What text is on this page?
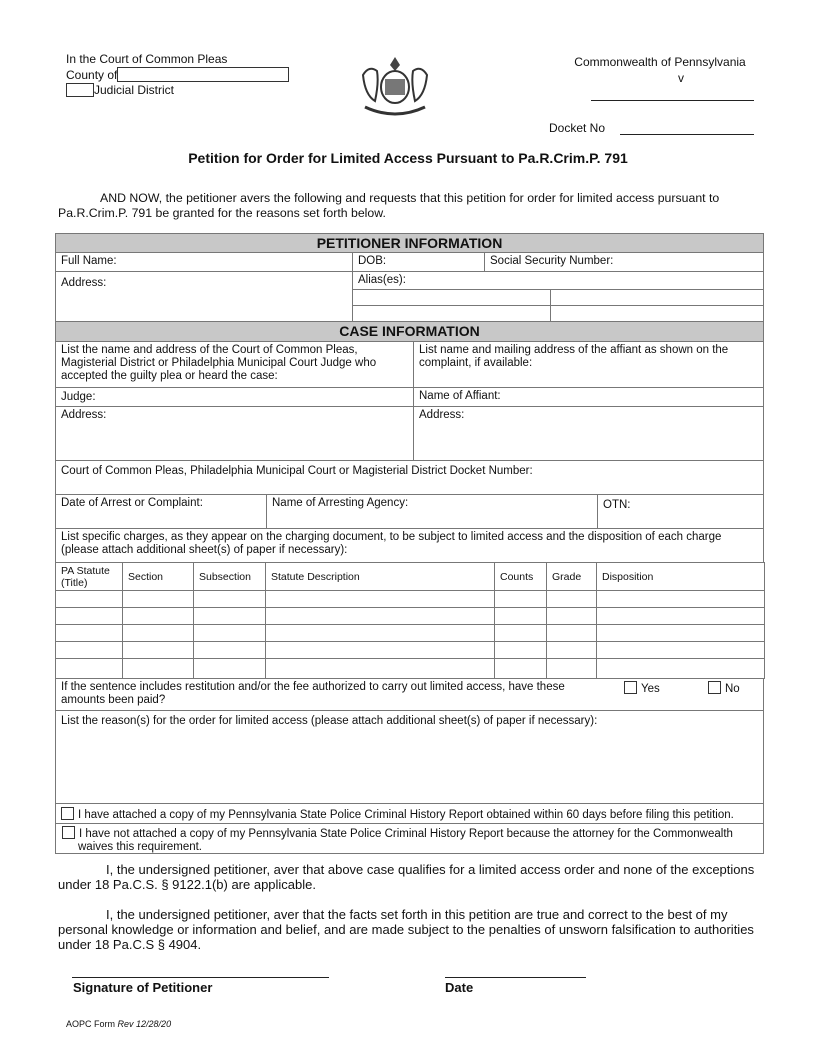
In the Court of Common Pleas
County of
Judicial District
Commonwealth of Pennsylvania
v
Docket No
Petition for Order for Limited Access Pursuant to Pa.R.Crim.P. 791
AND NOW, the petitioner avers the following and requests that this petition for order for limited access pursuant to Pa.R.Crim.P. 791 be granted for the reasons set forth below.
PETITIONER INFORMATION
Full Name:	DOB:	Social Security Number:
Address:	Alias(es):
CASE INFORMATION
List the name and address of the Court of Common Pleas, Magisterial District or Philadelphia Municipal Court Judge who accepted the guilty plea or heard the case:
List name and mailing address of the affiant as shown on the complaint, if available:
Judge:	Name of Affiant:
Address:	Address:
Court of Common Pleas, Philadelphia Municipal Court or Magisterial District Docket Number:
Date of Arrest or Complaint:	Name of Arresting Agency:	OTN:
List specific charges, as they appear on the charging document, to be subject to limited access and the disposition of each charge (please attach additional sheet(s) of paper if necessary):
PA Statute (Title)	Section	Subsection	Statute Description	Counts	Grade	Disposition
If the sentence includes restitution and/or the fee authorized to carry out limited access, have these amounts been paid?
Yes	No
List the reason(s) for the order for limited access (please attach additional sheet(s) of paper if necessary):
I have attached a copy of my Pennsylvania State Police Criminal History Report obtained within 60 days before filing this petition.
I have not attached a copy of my Pennsylvania State Police Criminal History Report because the attorney for the Commonwealth waives this requirement.
I, the undersigned petitioner, aver that above case qualifies for a limited access order and none of the exceptions under 18 Pa.C.S. § 9122.1(b) are applicable.
I, the undersigned petitioner, aver that the facts set forth in this petition are true and correct to the best of my personal knowledge or information and belief, and are made subject to the penalties of unsworn falsification to authorities under 18 Pa.C.S § 4904.
Signature of Petitioner	Date
AOPC Form Rev 12/28/20
